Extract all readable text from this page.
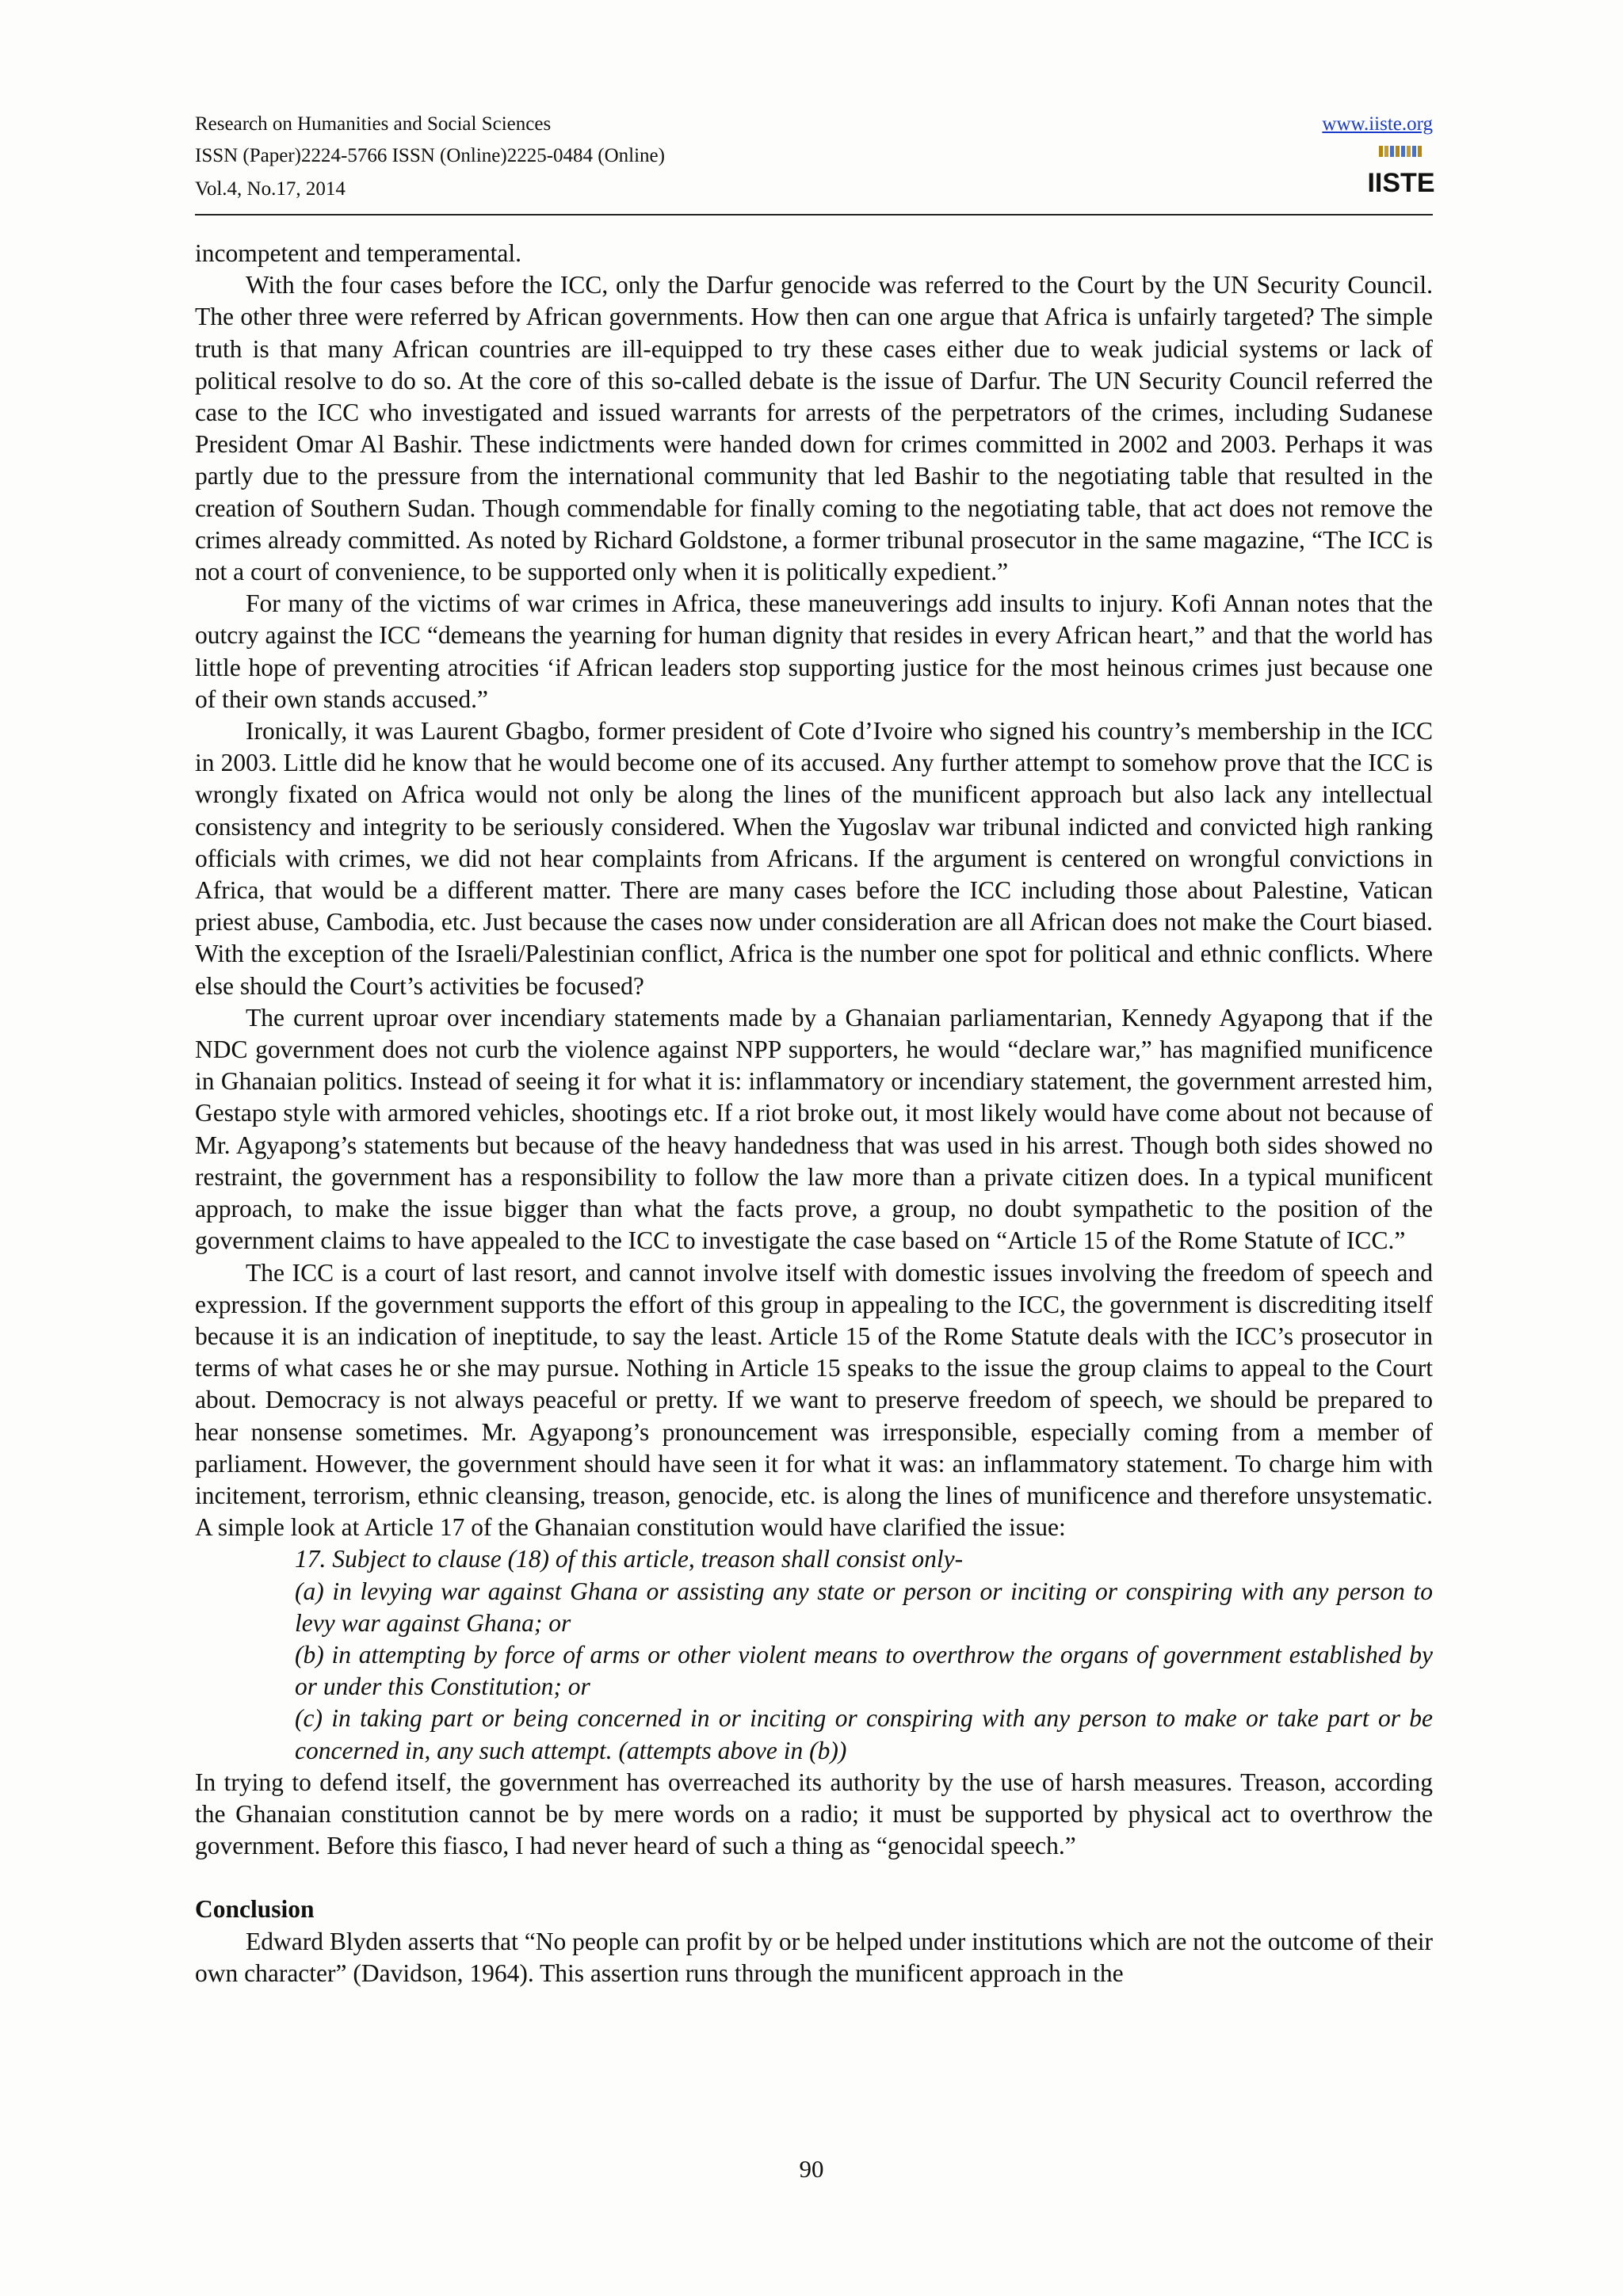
Research on Humanities and Social Sciences
ISSN (Paper)2224-5766 ISSN (Online)2225-0484 (Online)
Vol.4, No.17, 2014
www.iiste.org
IISTE

incompetent and temperamental.

With the four cases before the ICC, only the Darfur genocide was referred to the Court by the UN Security Council. The other three were referred by African governments. How then can one argue that Africa is unfairly targeted? The simple truth is that many African countries are ill-equipped to try these cases either due to weak judicial systems or lack of political resolve to do so. At the core of this so-called debate is the issue of Darfur. The UN Security Council referred the case to the ICC who investigated and issued warrants for arrests of the perpetrators of the crimes, including Sudanese President Omar Al Bashir. These indictments were handed down for crimes committed in 2002 and 2003. Perhaps it was partly due to the pressure from the international community that led Bashir to the negotiating table that resulted in the creation of Southern Sudan. Though commendable for finally coming to the negotiating table, that act does not remove the crimes already committed. As noted by Richard Goldstone, a former tribunal prosecutor in the same magazine, “The ICC is not a court of convenience, to be supported only when it is politically expedient.”

For many of the victims of war crimes in Africa, these maneuverings add insults to injury. Kofi Annan notes that the outcry against the ICC “demeans the yearning for human dignity that resides in every African heart,” and that the world has little hope of preventing atrocities ‘if African leaders stop supporting justice for the most heinous crimes just because one of their own stands accused.”

Ironically, it was Laurent Gbagbo, former president of Cote d’Ivoire who signed his country’s membership in the ICC in 2003. Little did he know that he would become one of its accused. Any further attempt to somehow prove that the ICC is wrongly fixated on Africa would not only be along the lines of the munificent approach but also lack any intellectual consistency and integrity to be seriously considered. When the Yugoslav war tribunal indicted and convicted high ranking officials with crimes, we did not hear complaints from Africans. If the argument is centered on wrongful convictions in Africa, that would be a different matter. There are many cases before the ICC including those about Palestine, Vatican priest abuse, Cambodia, etc. Just because the cases now under consideration are all African does not make the Court biased. With the exception of the Israeli/Palestinian conflict, Africa is the number one spot for political and ethnic conflicts. Where else should the Court’s activities be focused?

The current uproar over incendiary statements made by a Ghanaian parliamentarian, Kennedy Agyapong that if the NDC government does not curb the violence against NPP supporters, he would “declare war,” has magnified munificence in Ghanaian politics. Instead of seeing it for what it is: inflammatory or incendiary statement, the government arrested him, Gestapo style with armored vehicles, shootings etc. If a riot broke out, it most likely would have come about not because of Mr. Agyapong’s statements but because of the heavy handedness that was used in his arrest. Though both sides showed no restraint, the government has a responsibility to follow the law more than a private citizen does. In a typical munificent approach, to make the issue bigger than what the facts prove, a group, no doubt sympathetic to the position of the government claims to have appealed to the ICC to investigate the case based on “Article 15 of the Rome Statute of ICC.”

The ICC is a court of last resort, and cannot involve itself with domestic issues involving the freedom of speech and expression. If the government supports the effort of this group in appealing to the ICC, the government is discrediting itself because it is an indication of ineptitude, to say the least. Article 15 of the Rome Statute deals with the ICC’s prosecutor in terms of what cases he or she may pursue. Nothing in Article 15 speaks to the issue the group claims to appeal to the Court about. Democracy is not always peaceful or pretty. If we want to preserve freedom of speech, we should be prepared to hear nonsense sometimes. Mr. Agyapong’s pronouncement was irresponsible, especially coming from a member of parliament. However, the government should have seen it for what it was: an inflammatory statement. To charge him with incitement, terrorism, ethnic cleansing, treason, genocide, etc. is along the lines of munificence and therefore unsystematic. A simple look at Article 17 of the Ghanaian constitution would have clarified the issue:

17. Subject to clause (18) of this article, treason shall consist only-

(a) in levying war against Ghana or assisting any state or person or inciting or conspiring with any person to levy war against Ghana; or

(b) in attempting by force of arms or other violent means to overthrow the organs of government established by or under this Constitution; or

(c) in taking part or being concerned in or inciting or conspiring with any person to make or take part or be concerned in, any such attempt. (attempts above in (b))

In trying to defend itself, the government has overreached its authority by the use of harsh measures. Treason, according the Ghanaian constitution cannot be by mere words on a radio; it must be supported by physical act to overthrow the government. Before this fiasco, I had never heard of such a thing as “genocidal speech.”

Conclusion

Edward Blyden asserts that “No people can profit by or be helped under institutions which are not the outcome of their own character” (Davidson, 1964). This assertion runs through the munificent approach in the

90
